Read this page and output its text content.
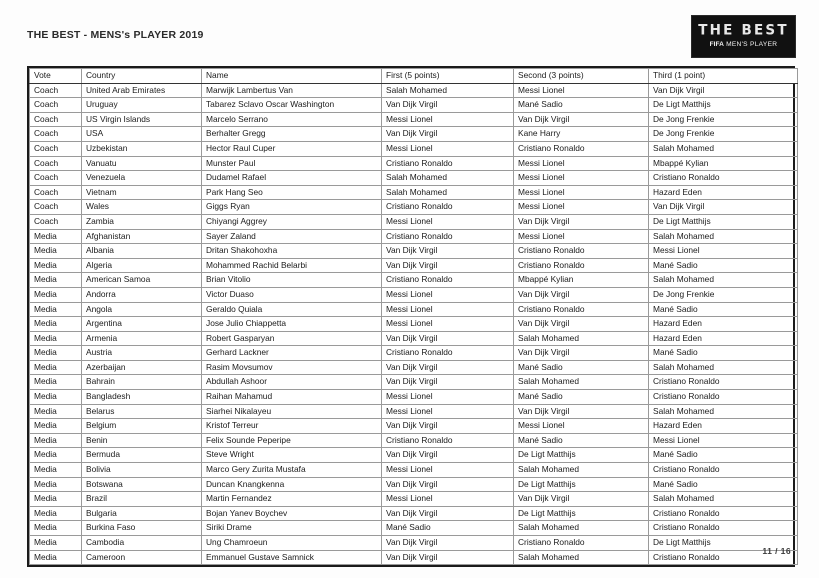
THE BEST - MENS's PLAYER 2019	THE BEST
FIFA MEN'S PLAYER
Vote	Country	Name	First (5 points)	Second (3 points)	Third (1 point)
Coach	United Arab Emirates	Marwijk Lambertus Van	Salah Mohamed	Messi Lionel	Van Dijk Virgil
Coach	Uruguay	Tabarez Sclavo Oscar Washington	Van Dijk Virgil	Mané Sadio	De Ligt Matthijs
Coach	US Virgin Islands	Marcelo Serrano	Messi Lionel	Van Dijk Virgil	De Jong Frenkie
Coach	USA	Berhalter Gregg	Van Dijk Virgil	Kane Harry	De Jong Frenkie
Coach	Uzbekistan	Hector Raul Cuper	Messi Lionel	Cristiano Ronaldo	Salah Mohamed
Coach	Vanuatu	Munster Paul	Cristiano Ronaldo	Messi Lionel	Mbappé Kylian
Coach	Venezuela	Dudamel Rafael	Salah Mohamed	Messi Lionel	Cristiano Ronaldo
Coach	Vietnam	Park Hang Seo	Salah Mohamed	Messi Lionel	Hazard Eden
Coach	Wales	Giggs Ryan	Cristiano Ronaldo	Messi Lionel	Van Dijk Virgil
Coach	Zambia	Chiyangi Aggrey	Messi Lionel	Van Dijk Virgil	De Ligt Matthijs
Media	Afghanistan	Sayer Zaland	Cristiano Ronaldo	Messi Lionel	Salah Mohamed
Media	Albania	Dritan Shakohoxha	Van Dijk Virgil	Cristiano Ronaldo	Messi Lionel
Media	Algeria	Mohammed Rachid Belarbi	Van Dijk Virgil	Cristiano Ronaldo	Mané Sadio
Media	American Samoa	Brian Vitolio	Cristiano Ronaldo	Mbappé Kylian	Salah Mohamed
Media	Andorra	Victor Duaso	Messi Lionel	Van Dijk Virgil	De Jong Frenkie
Media	Angola	Geraldo Quiala	Messi Lionel	Cristiano Ronaldo	Mané Sadio
Media	Argentina	Jose Julio Chiappetta	Messi Lionel	Van Dijk Virgil	Hazard Eden
Media	Armenia	Robert Gasparyan	Van Dijk Virgil	Salah Mohamed	Hazard Eden
Media	Austria	Gerhard Lackner	Cristiano Ronaldo	Van Dijk Virgil	Mané Sadio
Media	Azerbaijan	Rasim Movsumov	Van Dijk Virgil	Mané Sadio	Salah Mohamed
Media	Bahrain	Abdullah Ashoor	Van Dijk Virgil	Salah Mohamed	Cristiano Ronaldo
Media	Bangladesh	Raihan Mahamud	Messi Lionel	Mané Sadio	Cristiano Ronaldo
Media	Belarus	Siarhei Nikalayeu	Messi Lionel	Van Dijk Virgil	Salah Mohamed
Media	Belgium	Kristof Terreur	Van Dijk Virgil	Messi Lionel	Hazard Eden
Media	Benin	Felix Sounde Peperipe	Cristiano Ronaldo	Mané Sadio	Messi Lionel
Media	Bermuda	Steve Wright	Van Dijk Virgil	De Ligt Matthijs	Mané Sadio
Media	Bolivia	Marco Gery Zurita Mustafa	Messi Lionel	Salah Mohamed	Cristiano Ronaldo
Media	Botswana	Duncan Knangkenna	Van Dijk Virgil	De Ligt Matthijs	Mané Sadio
Media	Brazil	Martin Fernandez	Messi Lionel	Van Dijk Virgil	Salah Mohamed
Media	Bulgaria	Bojan Yanev Boychev	Van Dijk Virgil	De Ligt Matthijs	Cristiano Ronaldo
Media	Burkina Faso	Siriki Drame	Mané Sadio	Salah Mohamed	Cristiano Ronaldo
Media	Cambodia	Ung Chamroeun	Van Dijk Virgil	Cristiano Ronaldo	De Ligt Matthijs
Media	Cameroon	Emmanuel Gustave Samnick	Van Dijk Virgil	Salah Mohamed	Cristiano Ronaldo
11 / 16
